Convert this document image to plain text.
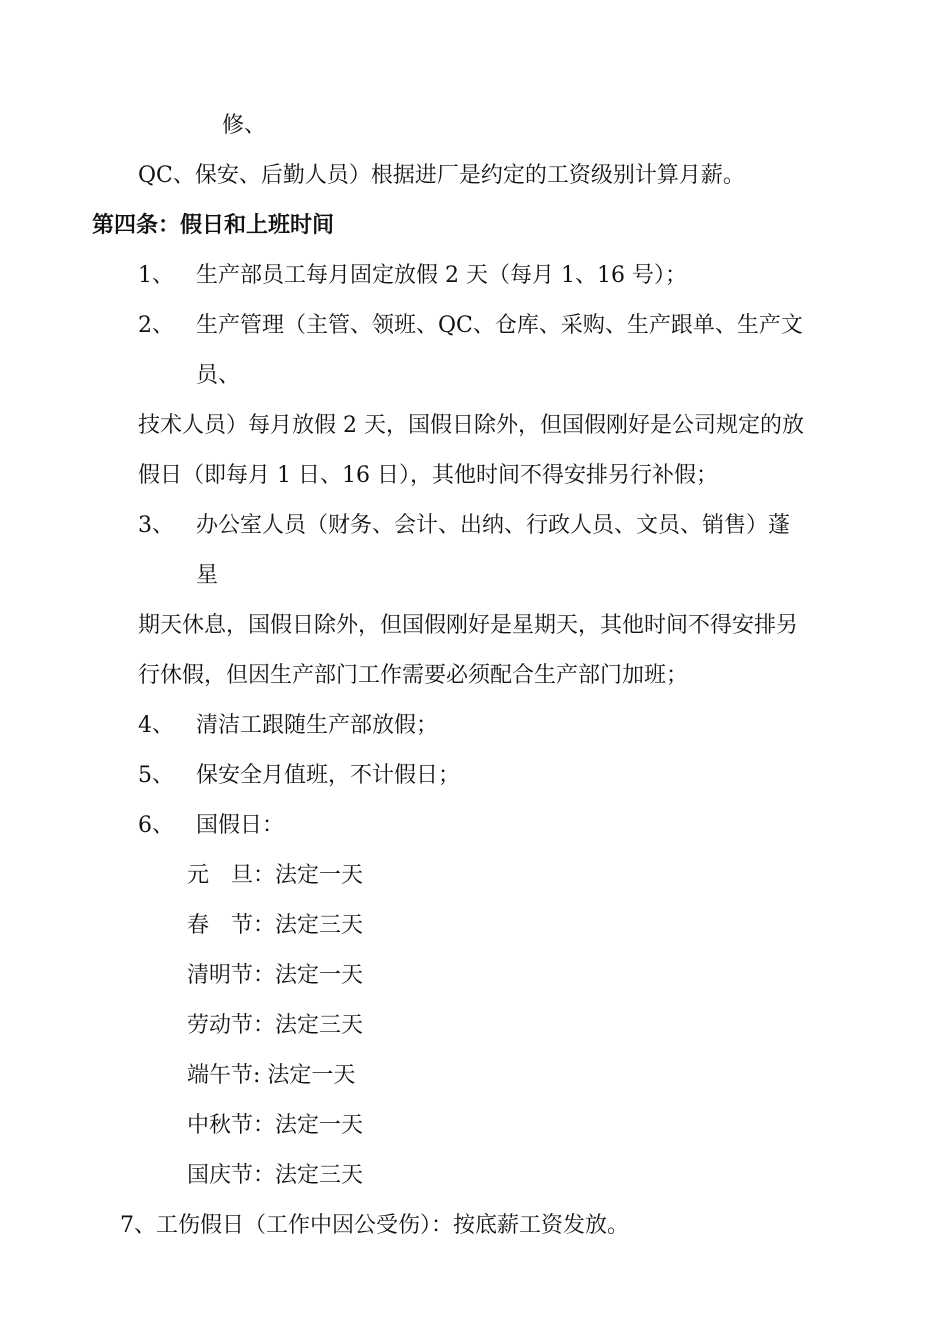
修、
QC、保安、后勤人员）根据进厂是约定的工资级别计算月薪。
第四条：假日和上班时间
1、 生产部员工每月固定放假 2 天（每月 1、16 号）；
2、 生产管理（主管、领班、QC、仓库、采购、生产跟单、生产文
员、
技术人员）每月放假 2 天，国假日除外，但国假刚好是公司规定的放
假日（即每月 1 日、16 日），其他时间不得安排另行补假；
3、 办公室人员（财务、会计、出纳、行政人员、文员、销售）蓬
星
期天休息，国假日除外，但国假刚好是星期天，其他时间不得安排另
行休假，但因生产部门工作需要必须配合生产部门加班；
4、 清洁工跟随生产部放假；
5、 保安全月值班，不计假日；
6、 国假日：
元　旦：法定一天
春　节：法定三天
清明节：法定一天
劳动节：法定三天
端午节: 法定一天
中秋节：法定一天
国庆节：法定三天
7、工伤假日（工作中因公受伤）：按底薪工资发放。
